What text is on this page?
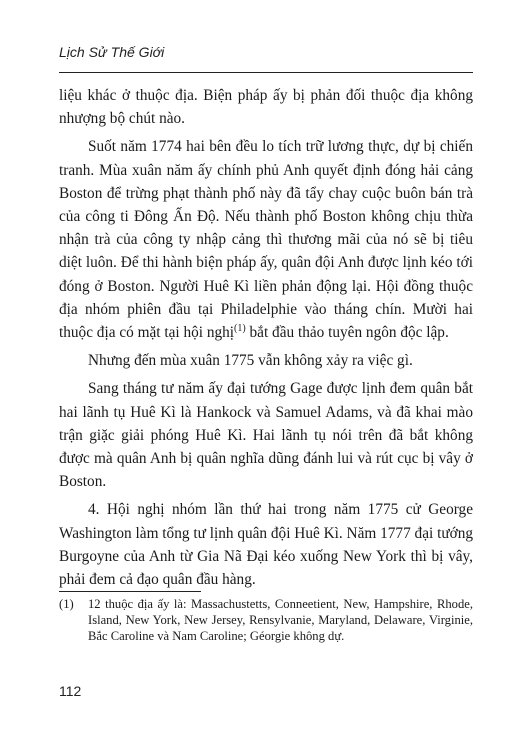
Lịch Sử Thế Giới

liệu khác ở thuộc địa. Biện pháp ấy bị phản đối thuộc địa không nhượng bộ chút nào.

Suốt năm 1774 hai bên đều lo tích trữ lương thực, dự bị chiến tranh. Mùa xuân năm ấy chính phủ Anh quyết định đóng hải cảng Boston để trừng phạt thành phố này đã tẩy chay cuộc buôn bán trà của công ti Đông Ấn Độ. Nếu thành phố Boston không chịu thừa nhận trà của công ty nhập cảng thì thương mãi của nó sẽ bị tiêu diệt luôn. Để thi hành biện pháp ấy, quân đội Anh được lịnh kéo tới đóng ở Boston. Người Huê Kì liền phản động lại. Hội đồng thuộc địa nhóm phiên đầu tại Philadelphie vào tháng chín. Mười hai thuộc địa có mặt tại hội nghị$^{(1)}$ bắt đầu thảo tuyên ngôn độc lập.

Nhưng đến mùa xuân 1775 vẫn không xảy ra việc gì.

Sang tháng tư năm ấy đại tướng Gage được lịnh đem quân bắt hai lãnh tụ Huê Kì là Hankock và Samuel Adams, và đã khai mào trận giặc giải phóng Huê Kì. Hai lãnh tụ nói trên đã bắt không được mà quân Anh bị quân nghĩa dũng đánh lui và rút cục bị vây ở Boston.

4. Hội nghị nhóm lần thứ hai trong năm 1775 cử George Washington làm tổng tư lịnh quân đội Huê Kì. Năm 1777 đại tướng Burgoyne của Anh từ Gia Nã Đại kéo xuống New York thì bị vây, phải đem cả đạo quân đầu hàng.

(1)	12 thuộc địa ấy là: Massachustetts, Conneetient, New, Hampshire, Rhode, Island, New York, New Jersey, Rensylvanie, Maryland, Delaware, Virginie, Bắc Caroline và Nam Caroline; Géorgie không dự.
112
